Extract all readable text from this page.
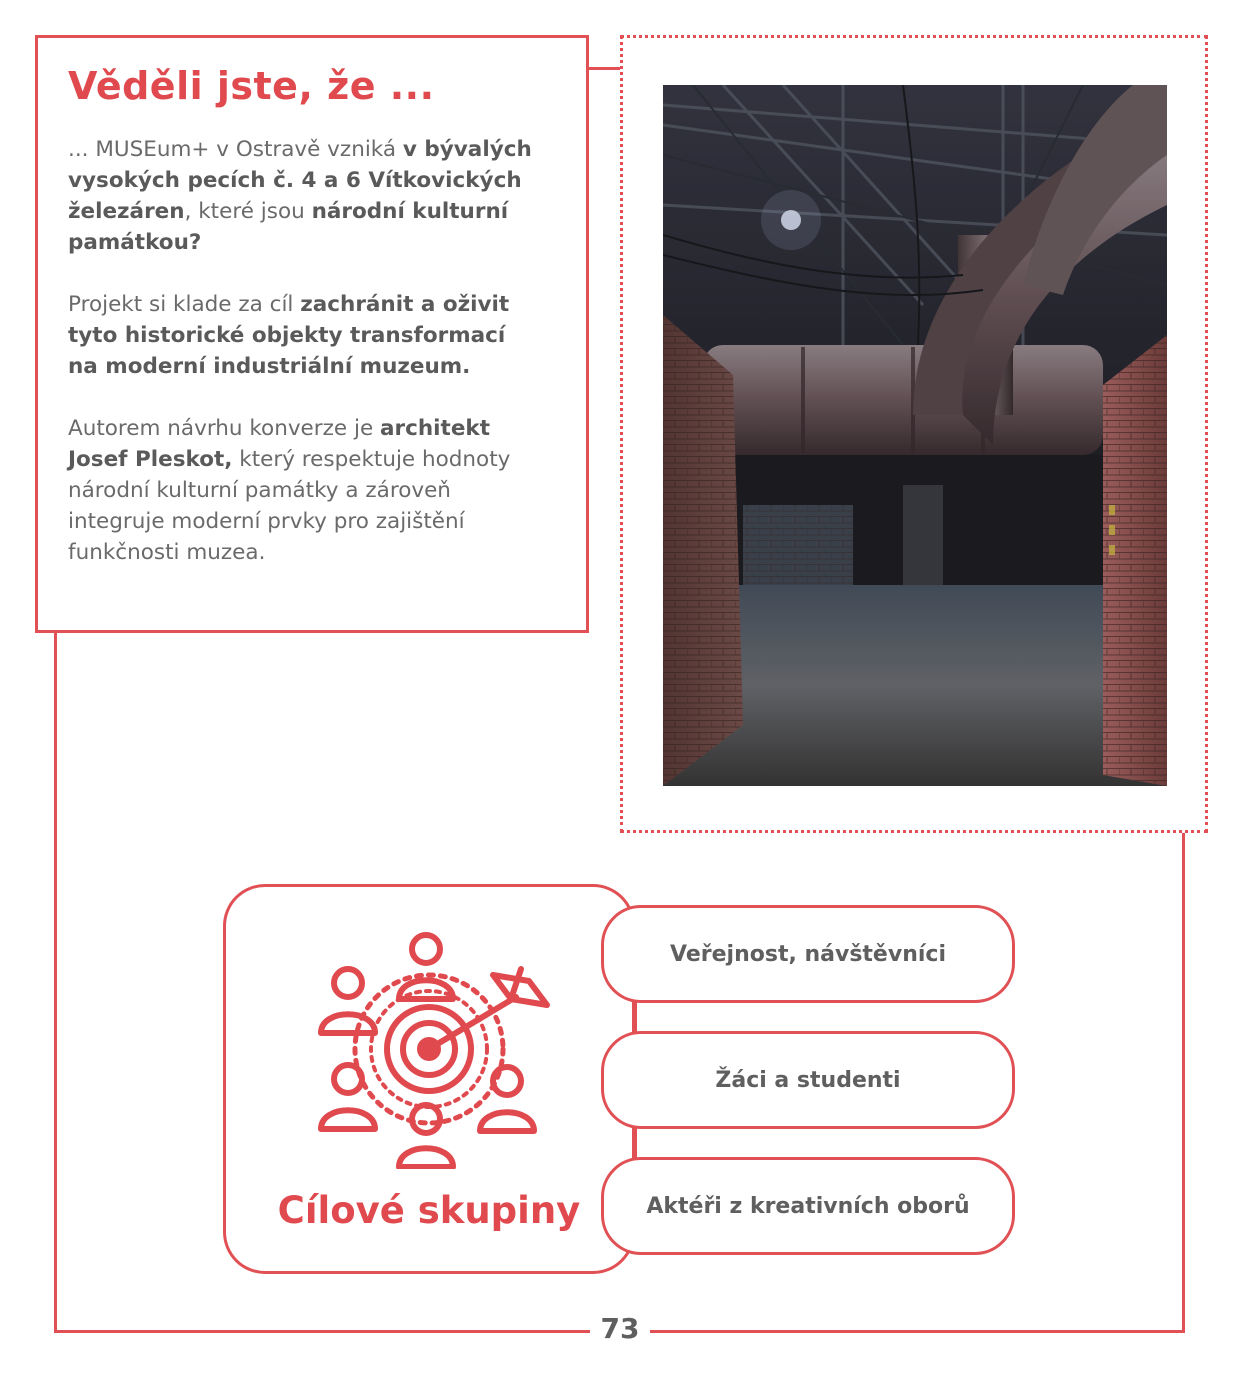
Věděli jste, že ...

... MUSEum+ v Ostravě vzniká v bývalých vysokých pecích č. 4 a 6 Vítkovických železáren, které jsou národní kulturní památkou?

Projekt si klade za cíl zachránit a oživit tyto historické objekty transformací na moderní industriální muzeum.

Autorem návrhu konverze je architekt Josef Pleskot, který respektuje hodnoty národní kulturní památky a zároveň integruje moderní prvky pro zajištění funkčnosti muzea.

Cílové skupiny
Veřejnost, návštěvníci
Žáci a studenti
Aktéři z kreativních oborů
73
